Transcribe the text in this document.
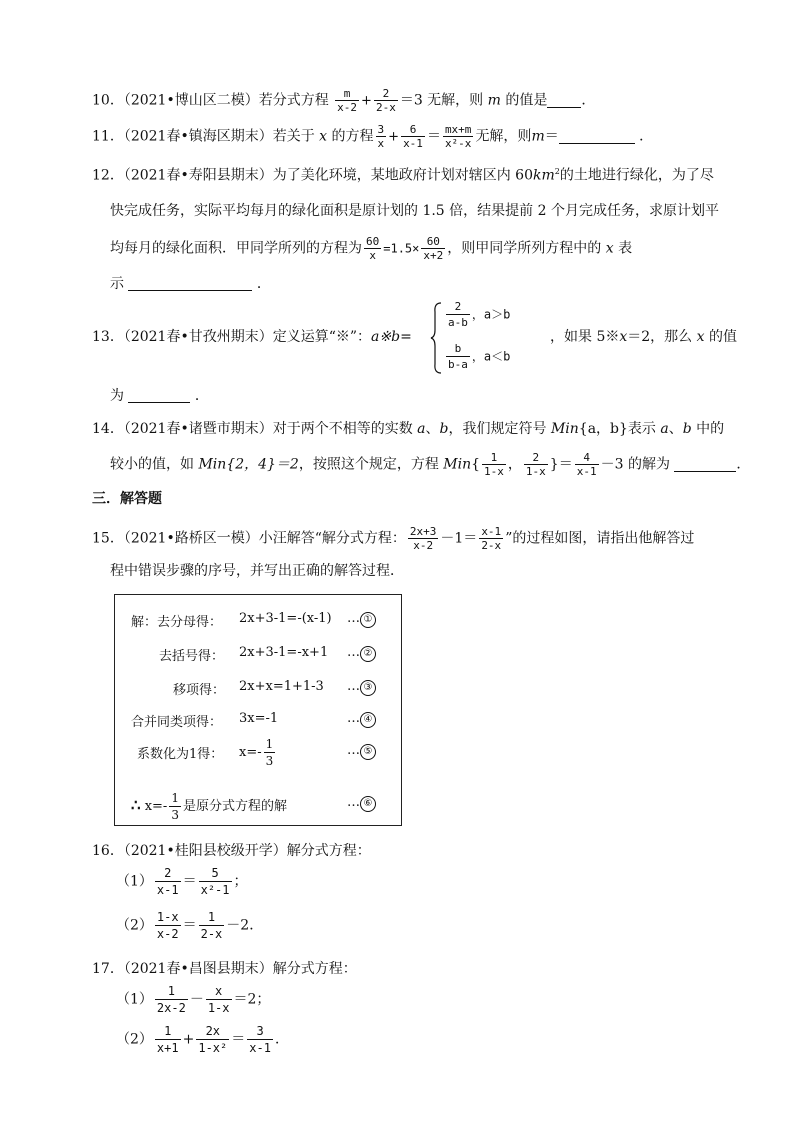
10．（2021•博山区二模）若分式方程 $\frac{m}{x-2} + \frac{2}{2-x} =3$ 无解，则 m 的值是 ．
11．（2021春•镇海区期末）若关于 x 的方程 $\frac{3}{x} + \frac{6}{x-1} = \frac{mx+m}{\text{x²-x}}$ 无解，则m＝	．
12．（2021春•寿阳县期末）为了美化环境，某地政府计划对辖区内 $60km^2$的土地进行绿化，为了尽
快完成任务，实际平均每月的绿化面积是原计划的 1.5 倍，结果提前 2 个月完成任务，求原计划平
均每月的绿化面积．甲同学所列的方程为 $\frac{60}{x} =1.5\times \frac{60}{x+2}$ ，则甲同学所列方程中的 x 表
示	．
13．（2021春•甘孜州期末）定义运算“※”：a※b=
$\frac{2}{a-b}$ ，a＞b
$\frac{b}{b-a}$ ，a＜b
，如果 5※x＝2，那么 x 的值
为	．
14．（2021春•诸暨市期末）对于两个不相等的实数 a、b，我们规定符号 Min{a，b}表示 a、b 中的
较小的值，如 Min{2，4}＝2，按照这个规定，方程 $Min\{ \frac{1}{1-x}$ ， $\frac{2}{1-x}$ }＝ $\frac{4}{x-1} -3$ 的解为	．
三．解答题
15．（2021•路桥区一模）小汪解答“解分式方程： $\frac{2x+3}{x-2} -1= \frac{x-1}{2-x}$ ”的过程如图，请指出他解答过
程中错误步骤的序号，并写出正确的解答过程．
解：去分母得： 2x+3-1=-(x-1) … ①
去括号得： 2x+3-1=-x+1 … ②
移项得： 2x+x=1+1-3 … ③
合并同类项得： 3x=-1	… ④
系数化为1得： $x=- \frac{1}{3}$	… ⑤
∴ $x=- \frac{1}{3}$ 是原分式方程的解	… ⑥
16．（2021•桂阳县校级开学）解分式方程：
$(1) \frac{2}{x-1} = \frac{5}{\text{x²-1}}$ ；
$(2) \frac{1-x}{x-2} = \frac{1}{2-x} -2$．
17．（2021春•昌图县期末）解分式方程：
$(1) \frac{1}{2x-2} - \frac{x}{1-x} =2$；
$(2) \frac{1}{x+1} + \frac{2x}{\text{1-x²}} = \frac{3}{x-1}$ ．
